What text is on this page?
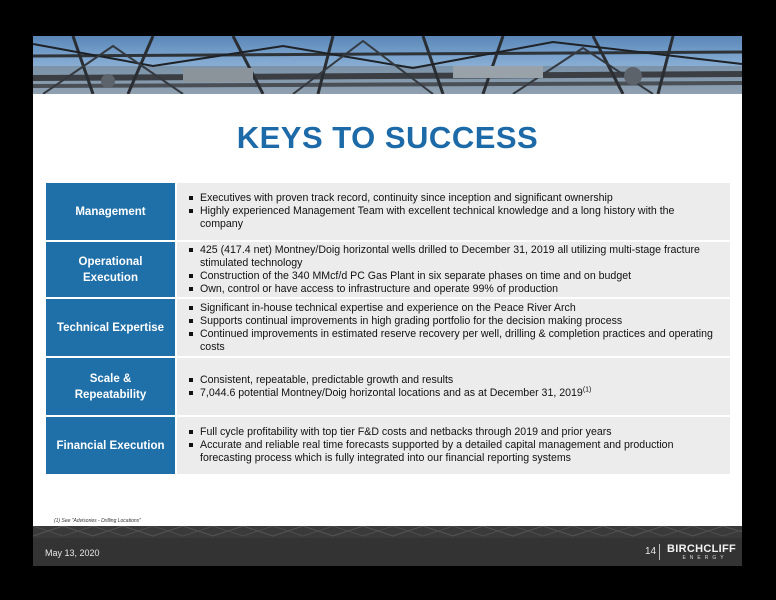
KEYS TO SUCCESS
Management
Executives with proven track record, continuity since inception and significant ownership
Highly experienced Management Team with excellent technical knowledge and a long history with the company
Operational Execution
425 (417.4 net) Montney/Doig horizontal wells drilled to December 31, 2019 all utilizing multi-stage fracture stimulated technology
Construction of the 340 MMcf/d PC Gas Plant in six separate phases on time and on budget
Own, control or have access to infrastructure and operate 99% of production
Technical Expertise
Significant in-house technical expertise and experience on the Peace River Arch
Supports continual improvements in high grading portfolio for the decision making process
Continued improvements in estimated reserve recovery per well, drilling & completion practices and operating costs
Scale & Repeatability
Consistent, repeatable, predictable growth and results
7,044.6 potential Montney/Doig horizontal locations and as at December 31, 2019$^{(1)}$
Financial Execution
Full cycle profitability with top tier F&D costs and netbacks through 2019 and prior years
Accurate and reliable real time forecasts supported by a detailed capital management and production forecasting process which is fully integrated into our financial reporting systems
(1) See "Advisories - Drilling Locations"
May 13, 2020	14 BIRCHCLIFF
ENERGY
